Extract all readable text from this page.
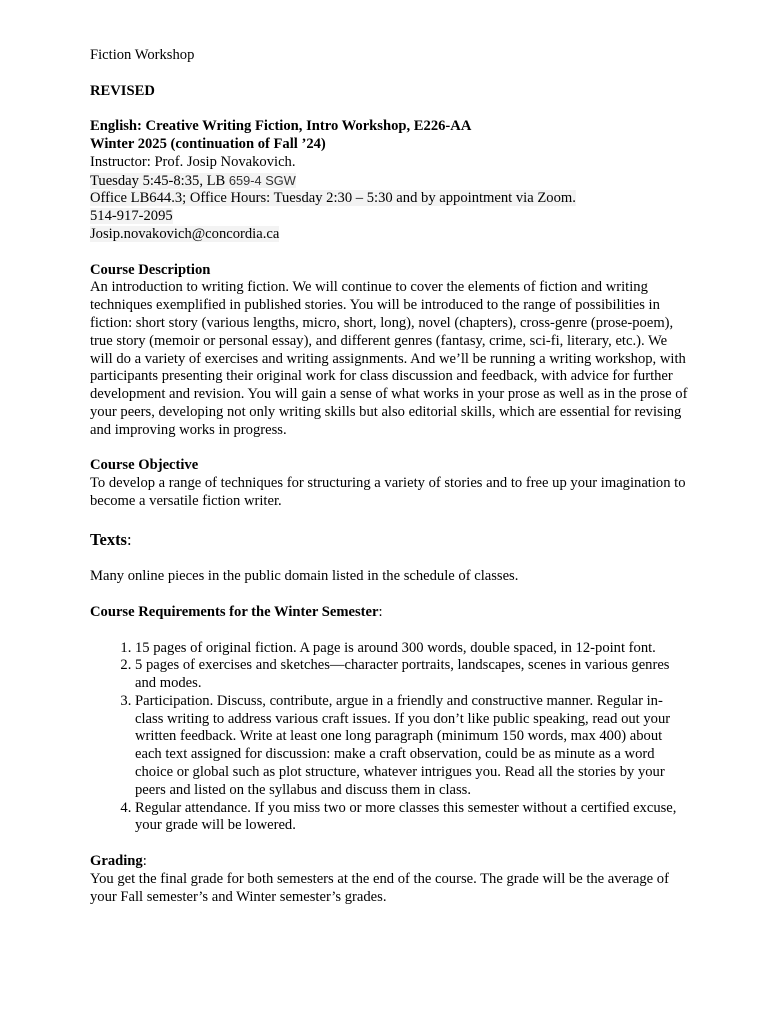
Fiction Workshop

REVISED

English: Creative Writing Fiction, Intro Workshop, E226-AA

Winter 2025 (continuation of Fall ’24)

Instructor: Prof. Josip Novakovich.

Tuesday 5:45-8:35, LB 659-4 SGW

Office LB644.3; Office Hours: Tuesday 2:30 – 5:30 and by appointment via Zoom.

514-917-2095

Josip.novakovich@concordia.ca

Course Description

An introduction to writing fiction. We will continue to cover the elements of fiction and writing techniques exemplified in published stories. You will be introduced to the range of possibilities in fiction: short story (various lengths, micro, short, long), novel (chapters), cross-genre (prose-poem), true story (memoir or personal essay), and different genres (fantasy, crime, sci-fi, literary, etc.). We will do a variety of exercises and writing assignments. And we’ll be running a writing workshop, with participants presenting their original work for class discussion and feedback, with advice for further development and revision. You will gain a sense of what works in your prose as well as in the prose of your peers, developing not only writing skills but also editorial skills, which are essential for revising and improving works in progress.

Course Objective

To develop a range of techniques for structuring a variety of stories and to free up your imagination to become a versatile fiction writer.

Texts:

Many online pieces in the public domain listed in the schedule of classes.

Course Requirements for the Winter Semester:

1. 15 pages of original fiction. A page is around 300 words, double spaced, in 12-point font.
2. 5 pages of exercises and sketches—character portraits, landscapes, scenes in various genres and modes.
3. Participation. Discuss, contribute, argue in a friendly and constructive manner. Regular in-class writing to address various craft issues. If you don’t like public speaking, read out your written feedback. Write at least one long paragraph (minimum 150 words, max 400) about each text assigned for discussion: make a craft observation, could be as minute as a word choice or global such as plot structure, whatever intrigues you. Read all the stories by your peers and listed on the syllabus and discuss them in class.
4. Regular attendance. If you miss two or more classes this semester without a certified excuse, your grade will be lowered.

Grading:

You get the final grade for both semesters at the end of the course. The grade will be the average of your Fall semester’s and Winter semester’s grades.
